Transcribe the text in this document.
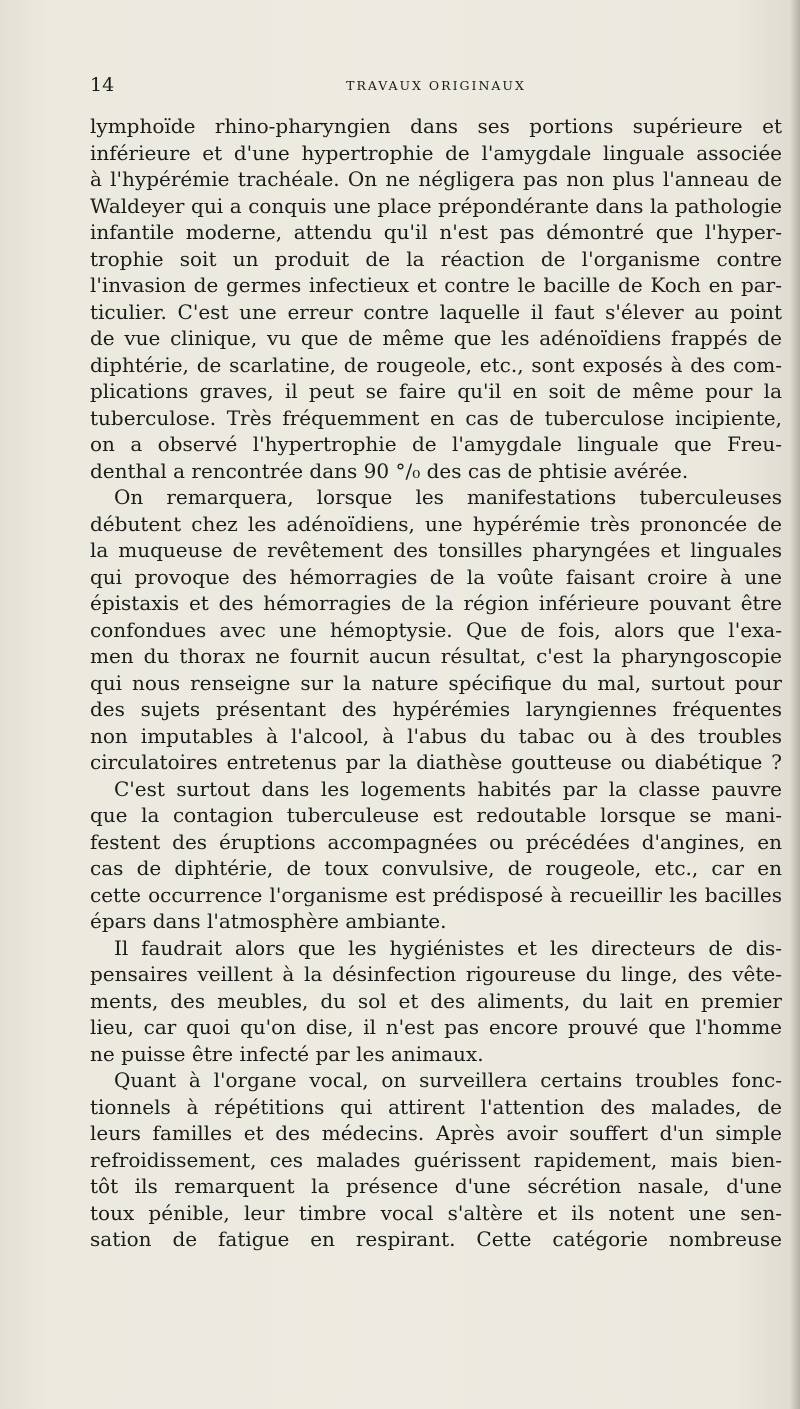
14	TRAVAUX ORIGINAUX
lymphoïde rhino-pharyngien dans ses portions supérieure et
inférieure et d'une hypertrophie de l'amygdale linguale associée
à l'hypérémie trachéale. On ne négligera pas non plus l'anneau de
Waldeyer qui a conquis une place prépondérante dans la pathologie
infantile moderne, attendu qu'il n'est pas démontré que l'hyper-
trophie soit un produit de la réaction de l'organisme contre
l'invasion de germes infectieux et contre le bacille de Koch en par-
ticulier. C'est une erreur contre laquelle il faut s'élever au point
de vue clinique, vu que de même que les adénoïdiens frappés de
diphtérie, de scarlatine, de rougeole, etc., sont exposés à des com-
plications graves, il peut se faire qu'il en soit de même pour la
tuberculose. Très fréquemment en cas de tuberculose incipiente,
on a observé l'hypertrophie de l'amygdale linguale que Freu-
denthal a rencontrée dans 90 °/₀ des cas de phtisie avérée.
On remarquera, lorsque les manifestations tuberculeuses
débutent chez les adénoïdiens, une hypérémie très prononcée de
la muqueuse de revêtement des tonsilles pharyngées et linguales
qui provoque des hémorragies de la voûte faisant croire à une
épistaxis et des hémorragies de la région inférieure pouvant être
confondues avec une hémoptysie. Que de fois, alors que l'exa-
men du thorax ne fournit aucun résultat, c'est la pharyngoscopie
qui nous renseigne sur la nature spécifique du mal, surtout pour
des sujets présentant des hypérémies laryngiennes fréquentes
non imputables à l'alcool, à l'abus du tabac ou à des troubles
circulatoires entretenus par la diathèse goutteuse ou diabétique ?
C'est surtout dans les logements habités par la classe pauvre
que la contagion tuberculeuse est redoutable lorsque se mani-
festent des éruptions accompagnées ou précédées d'angines, en
cas de diphtérie, de toux convulsive, de rougeole, etc., car en
cette occurrence l'organisme est prédisposé à recueillir les bacilles
épars dans l'atmosphère ambiante.
Il faudrait alors que les hygiénistes et les directeurs de dis-
pensaires veillent à la désinfection rigoureuse du linge, des vête-
ments, des meubles, du sol et des aliments, du lait en premier
lieu, car quoi qu'on dise, il n'est pas encore prouvé que l'homme
ne puisse être infecté par les animaux.
Quant à l'organe vocal, on surveillera certains troubles fonc-
tionnels à répétitions qui attirent l'attention des malades, de
leurs familles et des médecins. Après avoir souffert d'un simple
refroidissement, ces malades guérissent rapidement, mais bien-
tôt ils remarquent la présence d'une sécrétion nasale, d'une
toux pénible, leur timbre vocal s'altère et ils notent une sen-
sation de fatigue en respirant. Cette catégorie nombreuse
